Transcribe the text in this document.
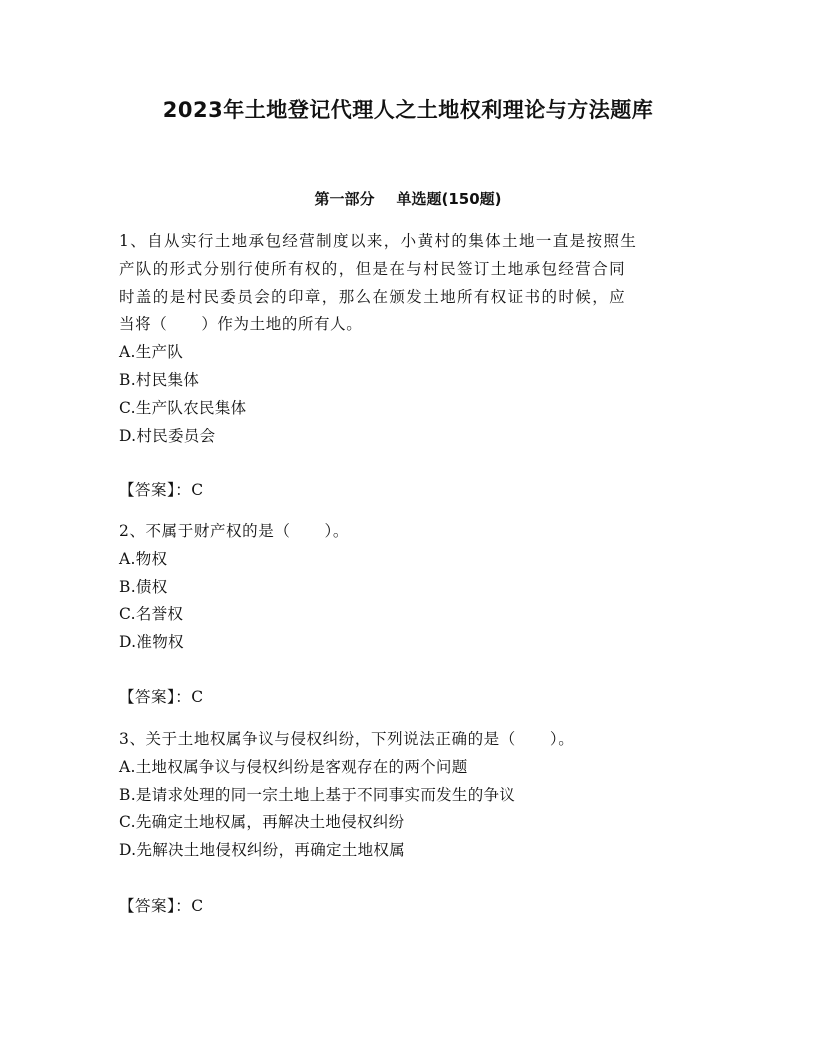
2023年土地登记代理人之土地权利理论与方法题库
第一部分 单选题(150题)

1、自从实行土地承包经营制度以来，小黄村的集体土地一直是按照生

产队的形式分别行使所有权的，但是在与村民签订土地承包经营合同

时盖的是村民委员会的印章，那么在颁发土地所有权证书的时候，应

当将（ ）作为土地的所有人。

A.生产队

B.村民集体

C.生产队农民集体

D.村民委员会

【答案】：C

2、不属于财产权的是（ ）。

A.物权

B.债权

C.名誉权

D.准物权

【答案】：C

3、关于土地权属争议与侵权纠纷，下列说法正确的是（ ）。

A.土地权属争议与侵权纠纷是客观存在的两个问题

B.是请求处理的同一宗土地上基于不同事实而发生的争议

C.先确定土地权属，再解决土地侵权纠纷

D.先解决土地侵权纠纷，再确定土地权属

【答案】：C
